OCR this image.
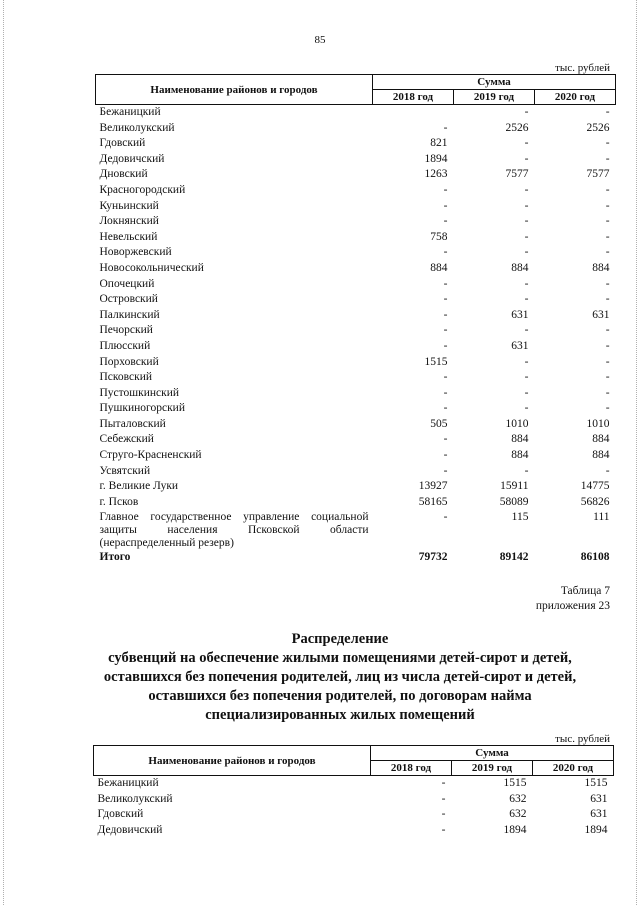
85
тыс. рублей
Наименование районов и городов	Сумма		
	2018 год	2019 год	2020 год
Бежаницкий		-	-
Великолукский	-	2526	2526
Гдовский	821	-	-
Дедовичский	1894	-	-
Дновский	1263	7577	7577
Красногородский	-	-	-
Куньинский	-	-	-
Локнянский	-	-	-
Невельский	758	-	-
Новоржевский	-	-	-
Новосокольнический	884	884	884
Опочецкий	-	-	-
Островский	-	-	-
Палкинский	-	631	631
Печорский	-	-	-
Плюсский	-	631	-
Порховский	1515	-	-
Псковский	-	-	-
Пустошкинский	-	-	-
Пушкиногорский	-	-	-
Пыталовский	505	1010	1010
Себежский	-	884	884
Струго-Красненский	-	884	884
Усвятский	-	-	-
г. Великие Луки	13927	15911	14775
г. Псков	58165	58089	56826

Главное государственное управление социальной
защиты населения Псковской области
(нераспределенный резерв)	-	115	111
Итого	79732	89142	86108
Таблица 7
приложения 23
Распределение
субвенций на обеспечение жилыми помещениями детей-сирот и детей,
оставшихся без попечения родителей, лиц из числа детей-сирот и детей,
оставшихся без попечения родителей, по договорам найма
специализированных жилых помещений
тыс. рублей
Наименование районов и городов	Сумма		
	2018 год	2019 год	2020 год
Бежаницкий	-	1515	1515
Великолукский	-	632	631
Гдовский	-	632	631
Дедовичский	-	1894	1894
